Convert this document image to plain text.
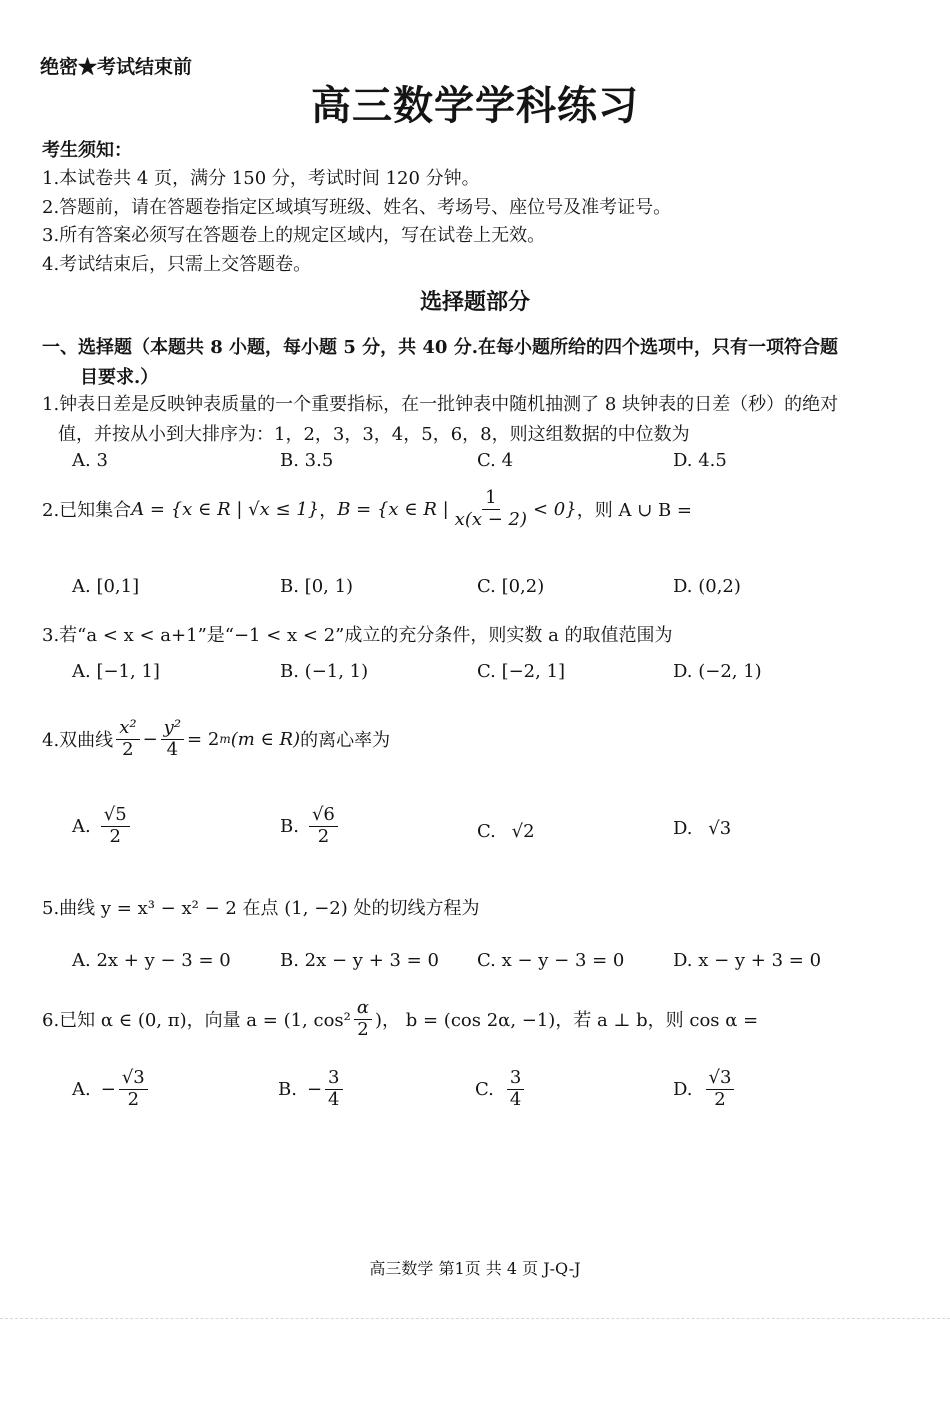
绝密★考试结束前
高三数学学科练习
考生须知：
1.本试卷共 4 页，满分 150 分，考试时间 120 分钟。
2.答题前，请在答题卷指定区域填写班级、姓名、考场号、座位号及准考证号。
3.所有答案必须写在答题卷上的规定区域内，写在试卷上无效。
4.考试结束后，只需上交答题卷。
选择题部分
一、选择题（本题共 8 小题，每小题 5 分，共 40 分.在每小题所给的四个选项中，只有一项符合题
目要求.）
1.钟表日差是反映钟表质量的一个重要指标，在一批钟表中随机抽测了 8 块钟表的日差（秒）的绝对
值，并按从小到大排序为：1，2，3，3，4，5，6，8，则这组数据的中位数为
A. 3	B. 3.5	C. 4	D. 4.5
2.已知集合 A = {x ∈ R | √x ≤ 1} ， B = {x ∈ R | $\frac{1}{x(x - 2)} < 0$} ，则 A ∪ B =
A. [0,1]	B. [0, 1)	C. [0,2)	D. (0,2)
3.若“a < x < a+1”是“−1 < x < 2”成立的充分条件，则实数 a 的取值范围为
A. [−1, 1]	B. (−1, 1)	C. [−2, 1]	D. (−2, 1)
4.双曲线 $\frac{\text{x²}}{2} - \frac{\text{y²}}{4} = 2$ m (m ∈ R) 的离心率为
A. $\frac{√5}{2}$	B. $\frac{√6}{2}$	C. √2	D. √3
5.曲线 y = x³ − x² − 2 在点 (1, −2) 处的切线方程为
A. 2x + y − 3 = 0	B. 2x − y + 3 = 0 C. x − y − 3 = 0	D. x − y + 3 = 0
6.已知 α ∈ (0, π)，向量 a = (1, $\cos^2 \frac{\alpha}{2}$ )， b = (cos 2α, −1)，若 a ⊥ b，则 cos α =
A. − $\frac{√3}{2}$	B. − $\frac{3}{4}$	C. $\frac{3}{4}$	D. $\frac{√3}{2}$
高三数学 第1页 共 4 页 J-Q-J
